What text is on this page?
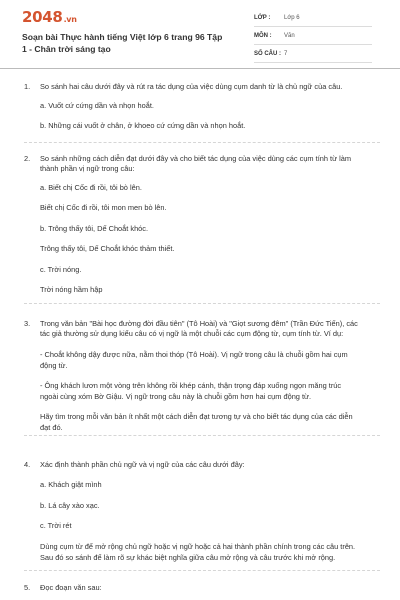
2048.vn
Soạn bài Thực hành tiếng Việt lớp 6 trang 96 Tập 1 - Chân trời sáng tạo
LỚP : Lớp 6
MÔN : Văn
SỐ CÂU : 7
1. So sánh hai câu dưới đây và rút ra tác dụng của việc dùng cụm danh từ là chủ ngữ của câu.
a. Vuốt cứ cứng dần và nhọn hoắt.
b. Những cái vuốt ở chân, ở khoeo cứ cứng dần và nhọn hoắt.
2. So sánh những cách diễn đạt dưới đây và cho biết tác dụng của việc dùng các cụm tính từ làm
thành phần vị ngữ trong câu:
a. Biết chị Cốc đi rồi, tôi bò lên.
Biết chị Cốc đi rồi, tôi mon men bò lên.
b. Trông thấy tôi, Dế Choắt khóc.
Trông thấy tôi, Dế Choắt khóc thảm thiết.
c. Trời nóng.
Trời nóng hầm hập
3. Trong văn bản "Bài học đường đời đầu tiên" (Tô Hoài) và "Giọt sương đêm" (Trần Đức Tiến), các
tác giả thường sử dụng kiểu câu có vị ngữ là một chuỗi các cụm động từ, cụm tính từ. Ví dụ:
- Choắt không dậy được nữa, nằm thoi thóp (Tô Hoài). Vị ngữ trong câu là chuỗi gồm hai cụm
động từ.
- Ông khách lươn một vòng trên không rồi khép cánh, thận trọng đáp xuống ngọn măng trúc
ngoài cùng xóm Bờ Giậu. Vị ngữ trong câu này là chuỗi gồm hơn hai cụm động từ.
Hãy tìm trong mỗi văn bản ít nhất một cách diễn đạt tương tự và cho biết tác dụng của các diễn
đạt đó.
4. Xác định thành phần chủ ngữ và vị ngữ của các câu dưới đây:
a. Khách giật mình
b. Lá cây xào xạc.
c. Trời rét
Dùng cụm từ để mở rộng chủ ngữ hoặc vị ngữ hoặc cả hai thành phần chính trong các câu trên.
Sau đó so sánh để làm rõ sự khác biệt nghĩa giữa câu mở rộng và câu trước khi mở rộng.
5. Đọc đoạn văn sau:
